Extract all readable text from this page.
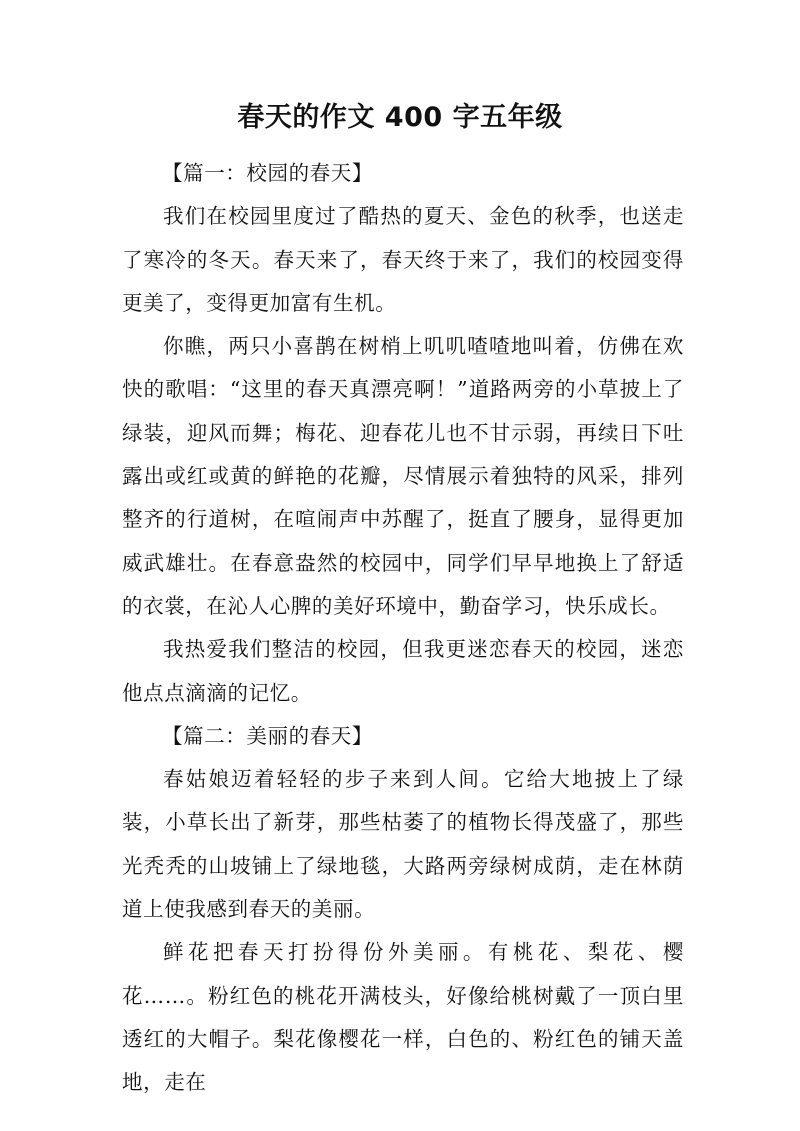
春天的作文 400 字五年级
【篇一：校园的春天】

我们在校园里度过了酷热的夏天、金色的秋季，也送走了寒冷的冬天。春天来了，春天终于来了，我们的校园变得更美了，变得更加富有生机。

你瞧，两只小喜鹊在树梢上叽叽喳喳地叫着，仿佛在欢快的歌唱：“这里的春天真漂亮啊！”道路两旁的小草披上了绿装，迎风而舞；梅花、迎春花儿也不甘示弱，再续日下吐露出或红或黄的鲜艳的花瓣，尽情展示着独特的风采，排列整齐的行道树，在喧闹声中苏醒了，挺直了腰身，显得更加威武雄壮。在春意盎然的校园中，同学们早早地换上了舒适的衣裳，在沁人心脾的美好环境中，勤奋学习，快乐成长。

我热爱我们整洁的校园，但我更迷恋春天的校园，迷恋他点点滴滴的记忆。

【篇二：美丽的春天】

春姑娘迈着轻轻的步子来到人间。它给大地披上了绿装，小草长出了新芽，那些枯萎了的植物长得茂盛了，那些光秃秃的山坡铺上了绿地毯，大路两旁绿树成荫，走在林荫道上使我感到春天的美丽。

鲜花把春天打扮得份外美丽。有桃花、梨花、樱花……。粉红色的桃花开满枝头，好像给桃树戴了一顶白里透红的大帽子。梨花像樱花一样，白色的、粉红色的铺天盖地，走在
